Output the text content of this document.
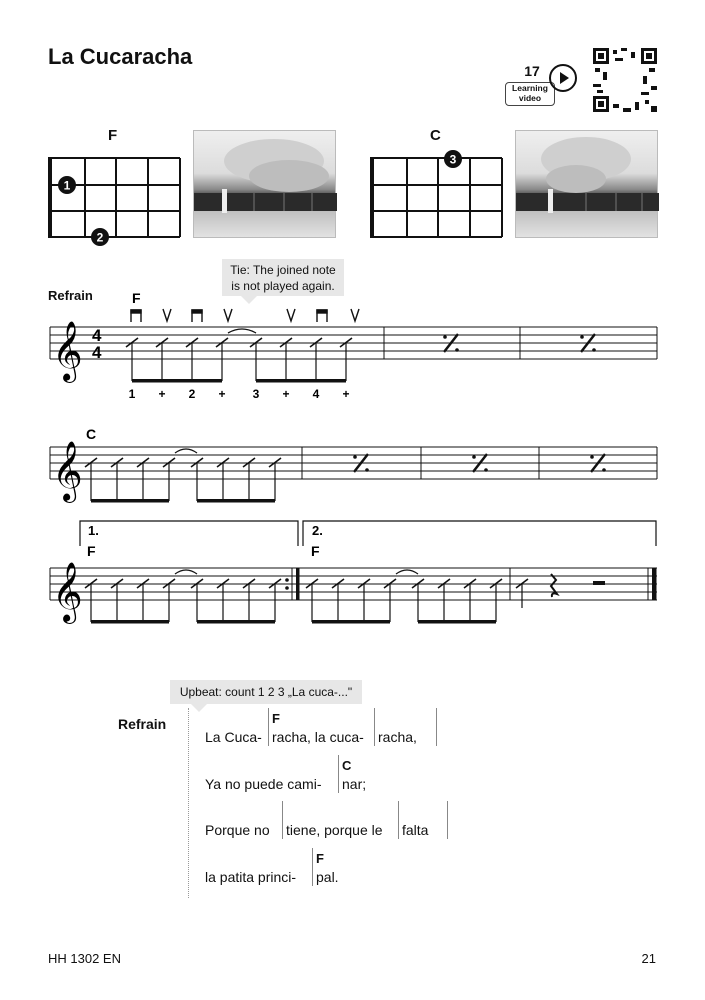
La Cucaracha
17
Learning
video
F
1
2
C
3
Tie: The joined note
is not played again.
Refrain
𝄞 4
4
F
1 + 2 + 3 + 4 +
𝄞
C
1.	2.
F	F
𝄞
Upbeat: count 1 2 3 „La cuca-..."
Refrain
La Cuca-
F
racha, la cuca- racha,
Ya no puede cami-
C
nar;
Porque no tiene, porque le falta
la patita princi-
F
pal.
HH 1302 EN	21
